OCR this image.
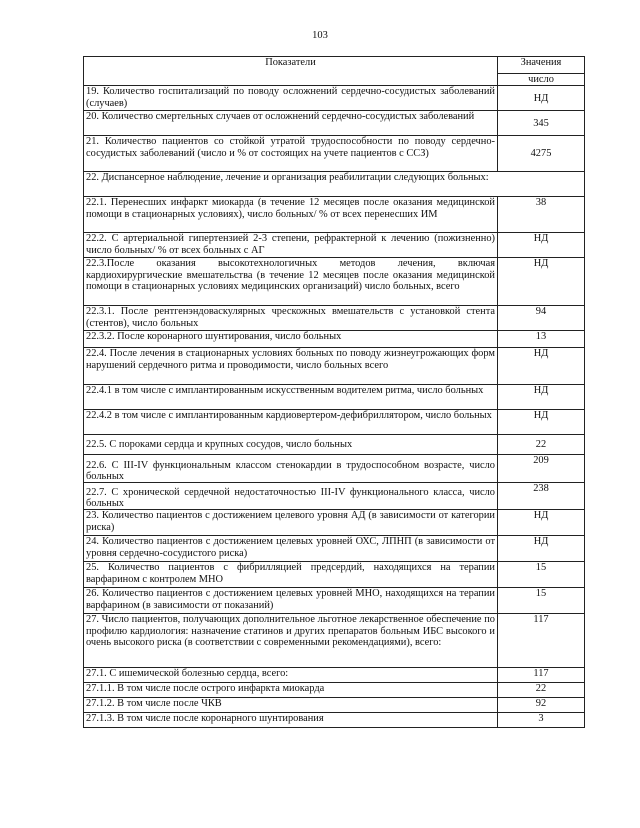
103
Показатели	Значения
	число
19. Количество госпитализаций по поводу осложнений сердечно-сосудистых заболеваний (случаев)	НД
20. Количество смертельных случаев от осложнений сердечно-сосудистых заболеваний	345
21. Количество пациентов со стойкой утратой трудоспособности по поводу сердечно-сосудистых заболеваний (число и % от состоящих на учете пациентов с ССЗ)	4275
22. Диспансерное наблюдение, лечение и организация реабилитации следующих больных:	
22.1. Перенесших инфаркт миокарда (в течение 12 месяцев после оказания медицинской помощи в стационарных условиях), число больных/ % от всех перенесших ИМ	38
22.2. С артериальной гипертензией 2-3 степени, рефрактерной к лечению (пожизненно) число больных/ % от всех больных с АГ	НД
22.3.После оказания высокотехнологичных методов лечения, включая кардиохирургические вмешательства (в течение 12 месяцев после оказания медицинской помощи в стационарных условиях медицинских организаций) число больных, всего	НД
22.3.1. После рентгенэндоваскулярных чрескожных вмешательств с установкой стента (стентов), число больных	94
22.3.2. После коронарного шунтирования, число больных	13
22.4. После лечения в стационарных условиях больных по поводу жизнеугрожающих форм нарушений сердечного ритма и проводимости, число больных всего	НД
22.4.1 в том числе с имплантированным искусственным водителем ритма, число больных	НД
22.4.2 в том числе с имплантированным кардиовертером-дефибриллятором, число больных	НД
22.5. С пороками сердца и крупных сосудов, число больных	22
22.6. С III-IV функциональным классом стенокардии в трудоспособном возрасте, число больных	209
22.7. С хронической сердечной недостаточностью III-IV функционального класса, число больных	238
23. Количество пациентов с достижением целевого уровня АД (в зависимости от категории риска)	НД
24. Количество пациентов с достижением целевых уровней ОХС, ЛПНП (в зависимости от уровня сердечно-сосудистого риска)	НД
25. Количество пациентов с фибрилляцией предсердий, находящихся на терапии варфарином с контролем МНО	15
26. Количество пациентов с достижением целевых уровней МНО, находящихся на терапии варфарином (в зависимости от показаний)	15
27. Число пациентов, получающих дополнительное льготное лекарственное обеспечение по профилю кардиология: назначение статинов и других препаратов больным ИБС высокого и очень высокого риска (в соответствии с современными рекомендациями), всего:	117
27.1. С ишемической болезнью сердца, всего:	117
27.1.1. В том числе после острого инфаркта миокарда	22
27.1.2. В том числе после ЧКВ	92
27.1.3. В том числе после коронарного шунтирования	3
